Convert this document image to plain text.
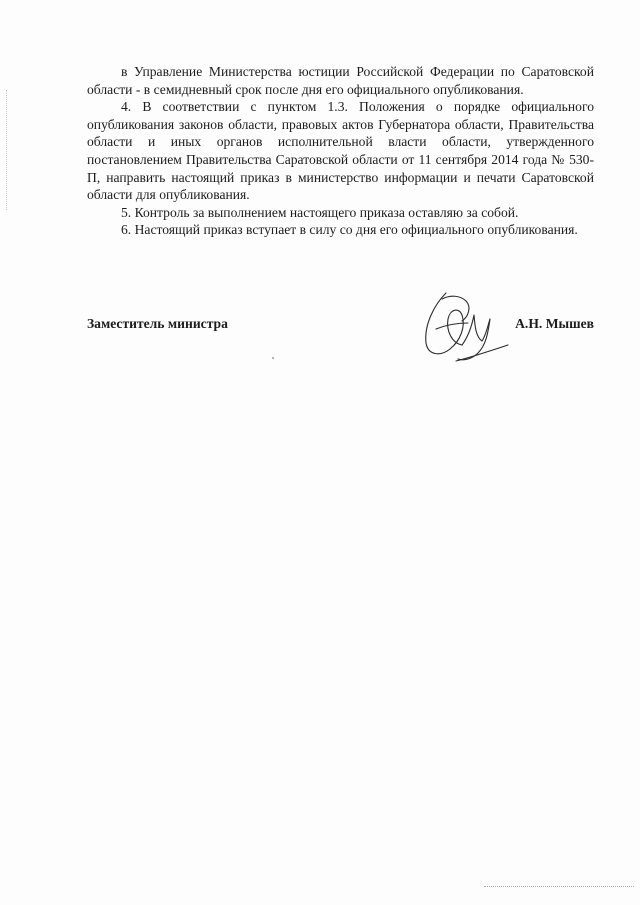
в Управление Министерства юстиции Российской Федерации по Саратовской области - в семидневный срок после дня его официального опубликования.

4. В соответствии с пунктом 1.3. Положения о порядке официального опубликования законов области, правовых актов Губернатора области, Правительства области и иных органов исполнительной власти области, утвержденного постановлением Правительства Саратовской области от 11 сентября 2014 года № 530-П, направить настоящий приказ в министерство информации и печати Саратовской области для опубликования.

5. Контроль за выполнением настоящего приказа оставляю за собой.

6. Настоящий приказ вступает в силу со дня его официального опубликования.

Заместитель министра	А.Н. Мышев
